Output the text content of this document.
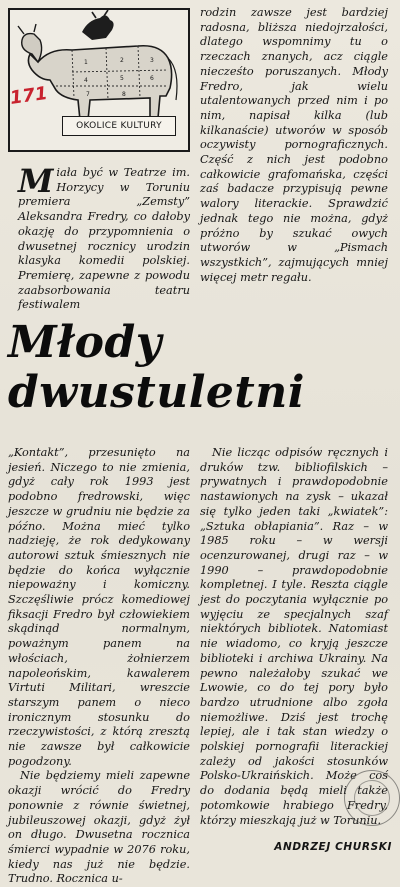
1	2	3
4	5	6
7	8
171
OKOLICE KULTURY
Miała być w Teatrze im. Horzycy w Toruniu premiera „Zemsty” Aleksandra Fredry, co dałoby okazję do przypomnienia o dwusetnej rocznicy urodzin klasyka komedii polskiej. Premierę, zapewne z powodu zaabsorbowania teatru festiwalem

rodzin zawsze jest bardziej radosna, bliższa niedojrzałości, dlatego wspomnimy tu o rzeczach znanych, acz ciągle niecześto poruszanych. Młody Fredro, jak wielu utalentowanych przed nim i po nim, napisał kilka (lub kilkanaście) utworów w sposób oczywisty pornograficznych. Część z nich jest podobno całkowicie grafomańska, części zaś badacze przypisują pewne walory literackie. Sprawdzić jednak tego nie można, gdyż próżno by szukać owych utworów w „Pismach wszystkich”, zajmujących mniej więcej metr regału.

Młody
dwustuletni

„Kontakt”, przesunięto na jesień. Niczego to nie zmienia, gdyż cały rok 1993 jest podobno fredrowski, więc jeszcze w grudniu nie będzie za późno. Można mieć tylko nadzieję, że rok dedykowany autorowi sztuk śmiesznych nie będzie do końca wyłącznie niepoważny i komiczny. Szczęśliwie prócz komediowej fiksacji Fredro był człowiekiem skądinąd normalnym, poważnym panem na włościach, żołnierzem napoleońskim, kawalerem Virtuti Militari, wreszcie starszym panem o nieco ironicznym stosunku do rzeczywistości, z którą zresztą nie zawsze był całkowicie pogodzony.

Nie będziemy mieli zapewne okazji wrócić do Fredry ponownie z równie świetnej, jubileuszowej okazji, gdyż żył on długo. Dwusetna rocznica śmierci wypadnie w 2076 roku, kiedy nas już nie będzie. Trudno. Rocznica u-

Nie licząc odpisów ręcznych i druków tzw. bibliofilskich – prywatnych i prawdopodobnie nastawionych na zysk – ukazał się tylko jeden taki „kwiatek”: „Sztuka obłapiania”. Raz – w 1985 roku – w wersji ocenzurowanej, drugi raz – w 1990 – prawdopodobnie kompletnej. I tyle. Reszta ciągle jest do poczytania wyłącznie po wyjęciu ze specjalnych szaf niektórych bibliotek. Natomiast nie wiadomo, co kryją jeszcze biblioteki i archiwa Ukrainy. Na pewno należałoby szukać we Lwowie, co do tej pory było bardzo utrudnione albo zgoła niemożliwe. Dziś jest trochę lepiej, ale i tak stan wiedzy o polskiej pornografii literackiej zależy od jakości stosunków Polsko-Ukraińskich. Może coś do dodania będą mieli także potomkowie hrabiego Fredry, którzy mieszkają już w Toruniu.

ANDRZEJ CHURSKI
